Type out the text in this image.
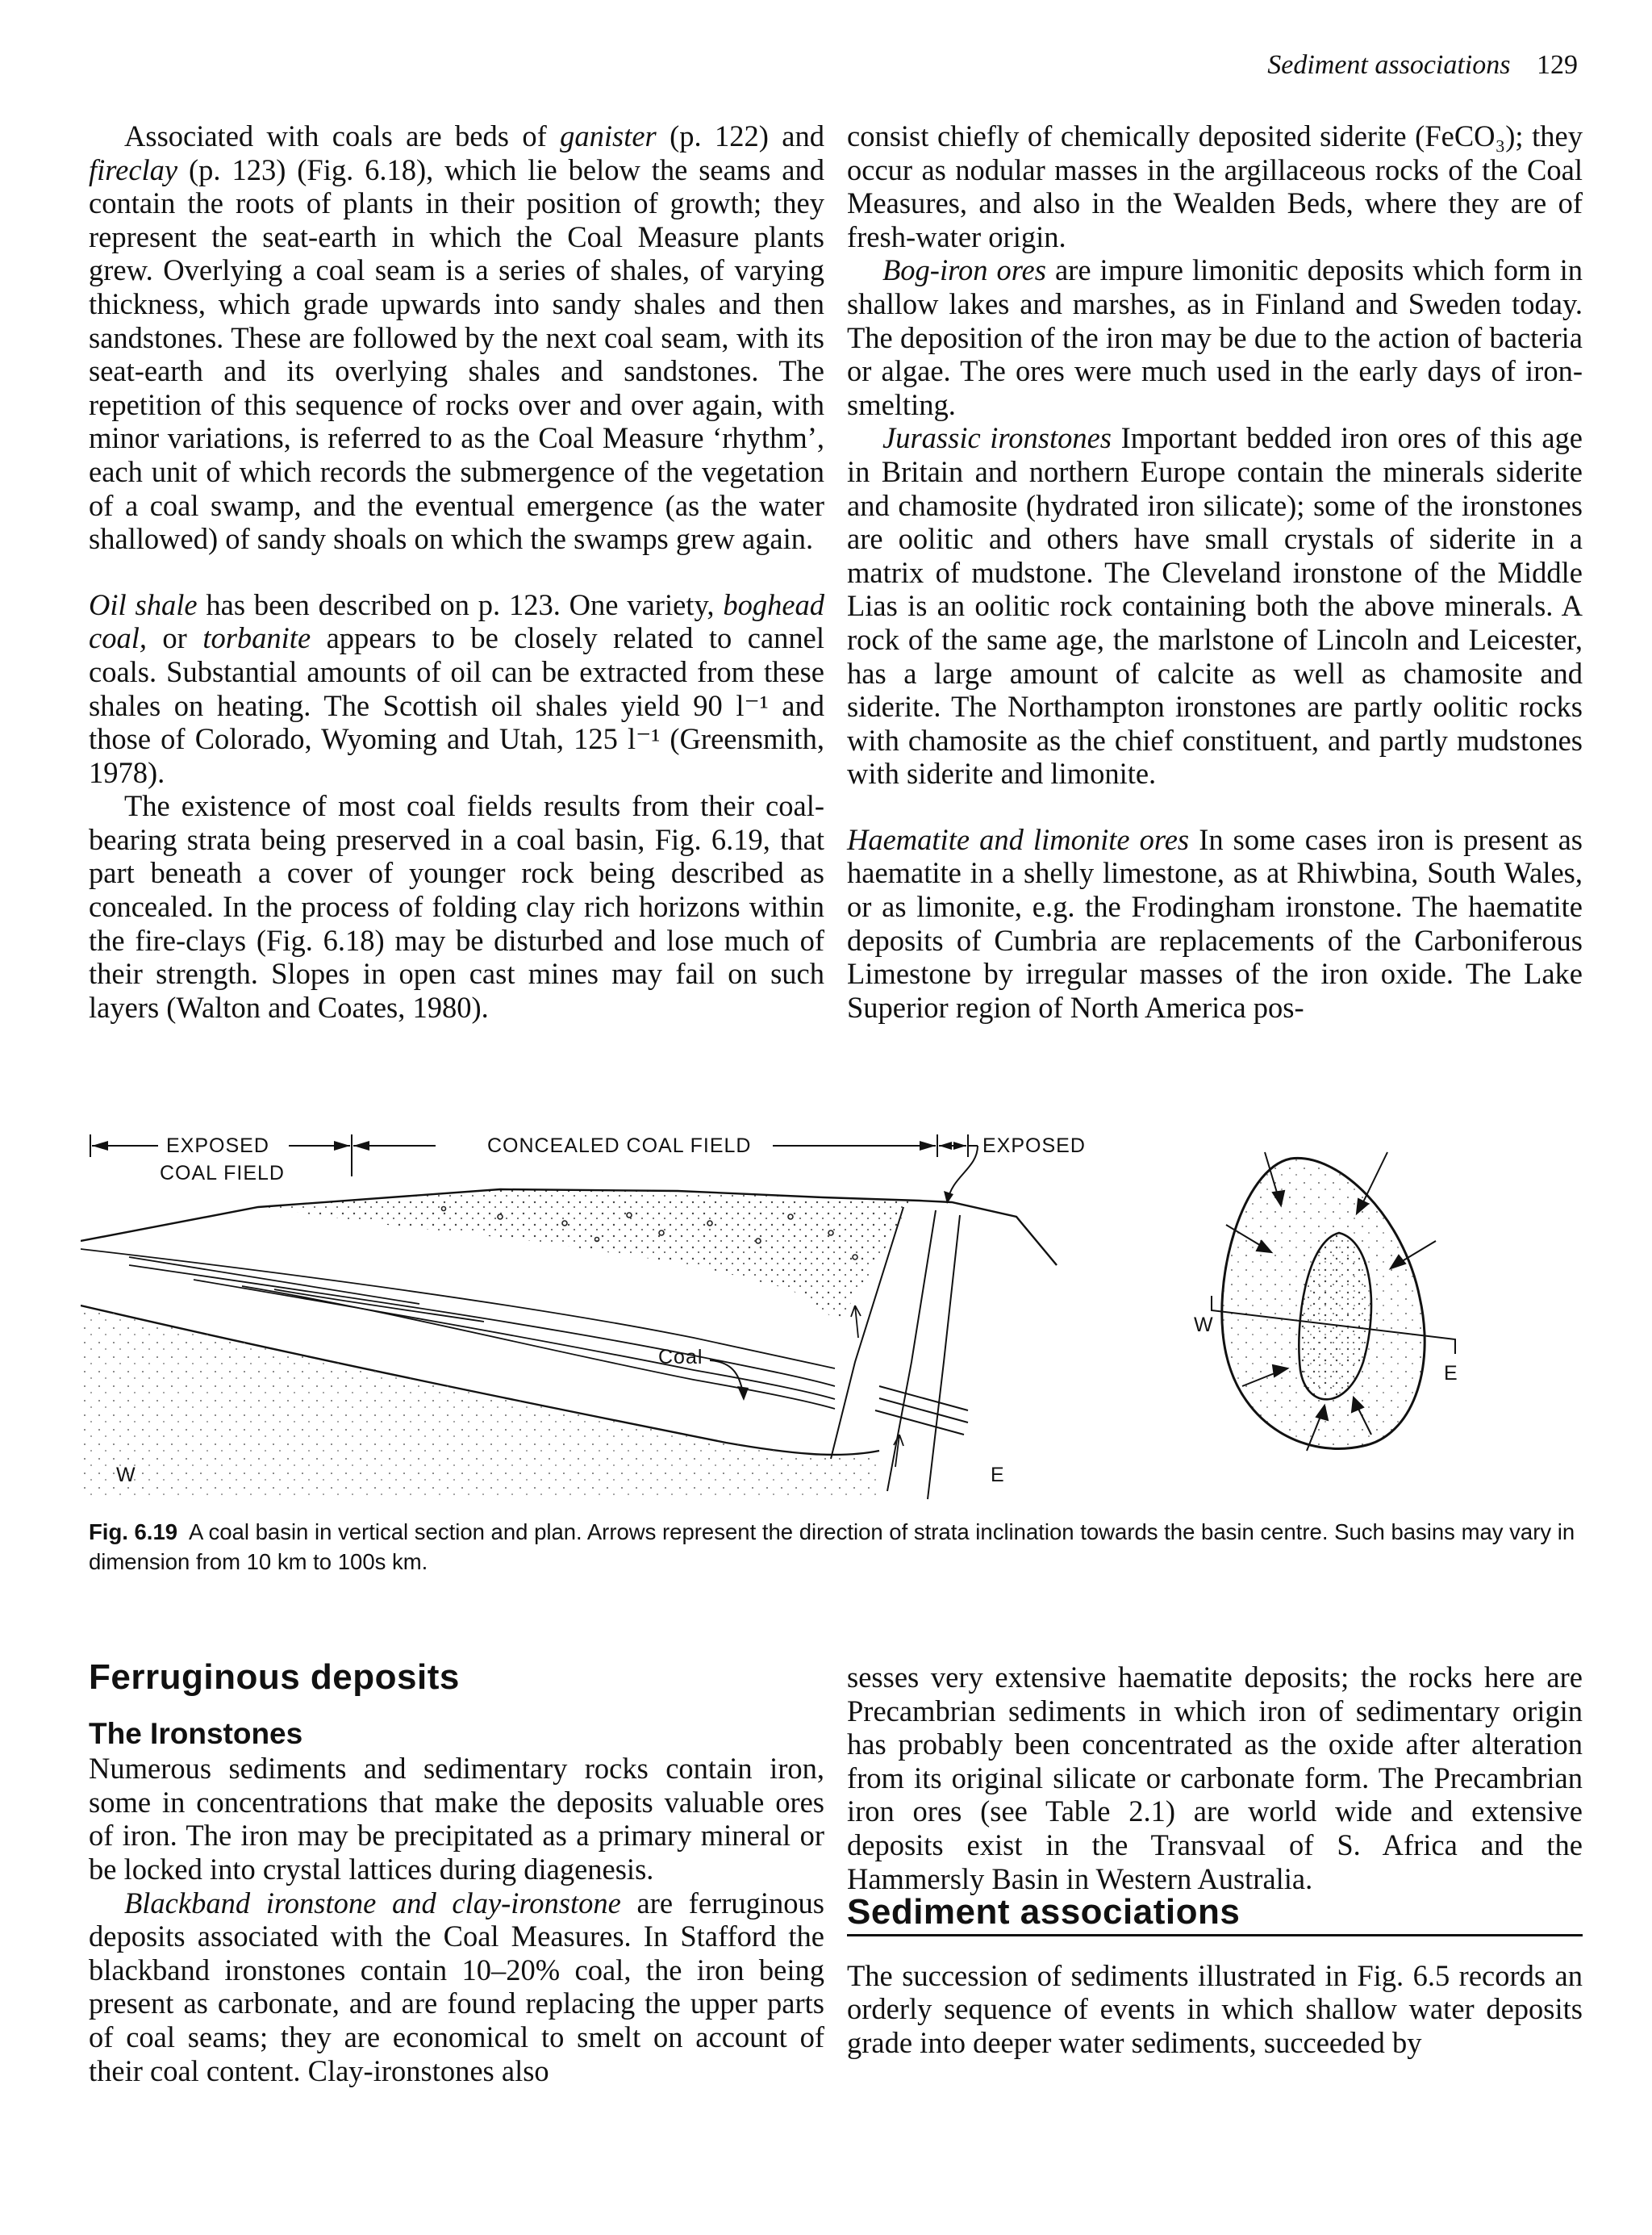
Sediment associations 129

Associated with coals are beds of ganister (p. 122) and fireclay (p. 123) (Fig. 6.18), which lie below the seams and contain the roots of plants in their position of growth; they represent the seat-earth in which the Coal Measure plants grew. Overlying a coal seam is a series of shales, of varying thickness, which grade upwards into sandy shales and then sandstones. These are followed by the next coal seam, with its seat-earth and its overlying shales and sandstones. The repetition of this sequence of rocks over and over again, with minor variations, is referred to as the Coal Measure ‘rhythm’, each unit of which records the submergence of the vegetation of a coal swamp, and the eventual emergence (as the water shallowed) of sandy shoals on which the swamps grew again.

Oil shale has been described on p. 123. One variety, boghead coal, or torbanite appears to be closely related to cannel coals. Substantial amounts of oil can be extracted from these shales on heating. The Scottish oil shales yield 90 l⁻¹ and those of Colorado, Wyoming and Utah, 125 l⁻¹ (Greensmith, 1978).

The existence of most coal fields results from their coal-bearing strata being preserved in a coal basin, Fig. 6.19, that part beneath a cover of younger rock being described as concealed. In the process of folding clay rich horizons within the fire-clays (Fig. 6.18) may be disturbed and lose much of their strength. Slopes in open cast mines may fail on such layers (Walton and Coates, 1980).

consist chiefly of chemically deposited siderite (FeCO₃); they occur as nodular masses in the argillaceous rocks of the Coal Measures, and also in the Wealden Beds, where they are of fresh-water origin.

Bog-iron ores are impure limonitic deposits which form in shallow lakes and marshes, as in Finland and Sweden today. The deposition of the iron may be due to the action of bacteria or algae. The ores were much used in the early days of iron-smelting.

Jurassic ironstones Important bedded iron ores of this age in Britain and northern Europe contain the minerals siderite and chamosite (hydrated iron silicate); some of the ironstones are oolitic and others have small crystals of siderite in a matrix of mudstone. The Cleveland ironstone of the Middle Lias is an oolitic rock containing both the above minerals. A rock of the same age, the marlstone of Lincoln and Leicester, has a large amount of calcite as well as chamosite and siderite. The Northampton ironstones are partly oolitic rocks with chamosite as the chief constituent, and partly mudstones with siderite and limonite.

Haematite and limonite ores In some cases iron is present as haematite in a shelly limestone, as at Rhiwbina, South Wales, or as limonite, e.g. the Frodingham ironstone. The haematite deposits of Cumbria are replacements of the Carboniferous Limestone by irregular masses of the iron oxide. The Lake Superior region of North America pos-

EXPOSED
COAL FIELD
CONCEALED COAL FIELD	EXPOSED
Coal
W	E
W
E
Fig. 6.19 A coal basin in vertical section and plan. Arrows represent the direction of strata inclination towards the basin centre. Such basins may vary in dimension from 10 km to 100s km.
Ferruginous deposits
The Ironstones

Numerous sediments and sedimentary rocks contain iron, some in concentrations that make the deposits valuable ores of iron. The iron may be precipitated as a primary mineral or be locked into crystal lattices during diagenesis.

Blackband ironstone and clay-ironstone are ferruginous deposits associated with the Coal Measures. In Stafford the blackband ironstones contain 10–20% coal, the iron being present as carbonate, and are found replacing the upper parts of coal seams; they are economical to smelt on account of their coal content. Clay-ironstones also

sesses very extensive haematite deposits; the rocks here are Precambrian sediments in which iron of sedimentary origin has probably been concentrated as the oxide after alteration from its original silicate or carbonate form. The Precambrian iron ores (see Table 2.1) are world wide and extensive deposits exist in the Transvaal of S. Africa and the Hammersly Basin in Western Australia.

Sediment associations

The succession of sediments illustrated in Fig. 6.5 records an orderly sequence of events in which shallow water deposits grade into deeper water sediments, succeeded by
